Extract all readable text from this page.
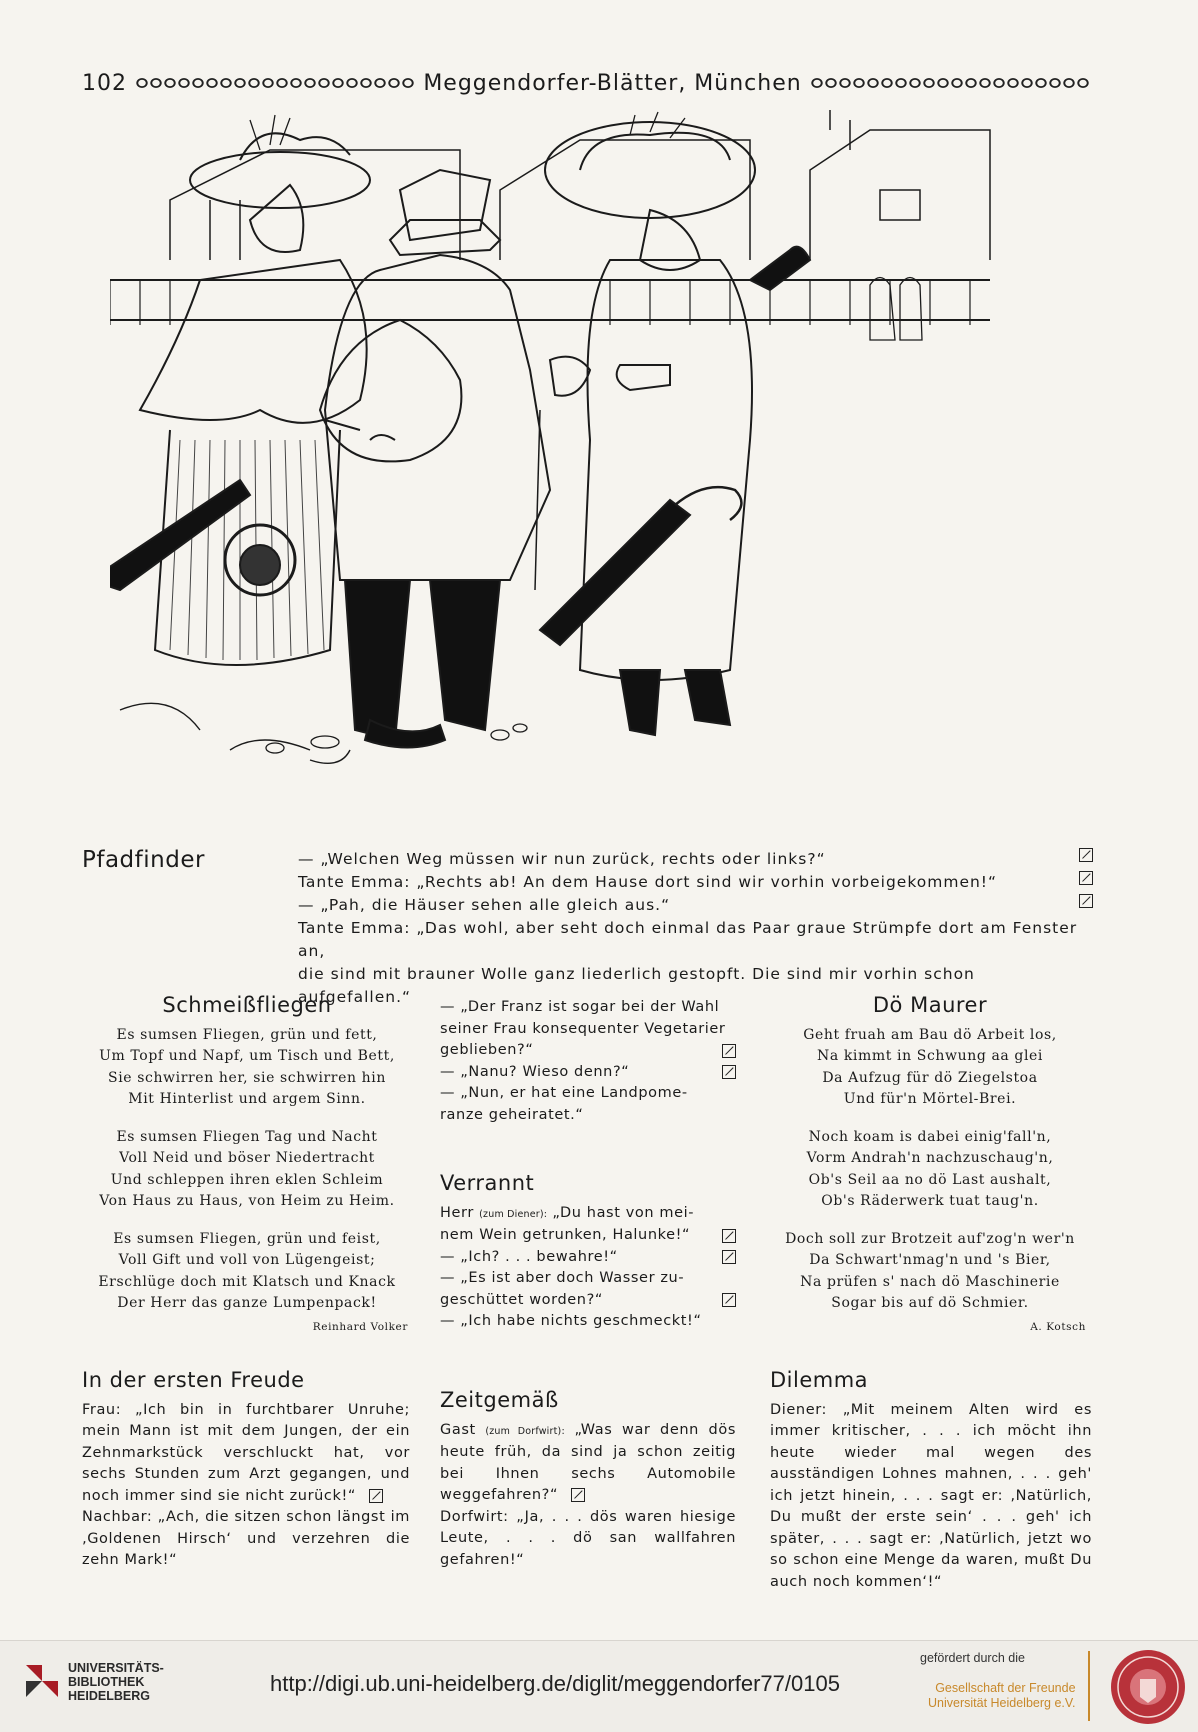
102	Meggendorfer-Blätter, München
Pfadfinder	— „Welchen Weg müssen wir nun zurück, rechts oder links?“
Tante Emma: „Rechts ab! An dem Hause dort sind wir vorhin vorbeigekommen!“
— „Pah, die Häuser sehen alle gleich aus.“
Tante Emma: „Das wohl, aber seht doch einmal das Paar graue Strümpfe dort am Fenster an,
die sind mit brauner Wolle ganz liederlich gestopft. Die sind mir vorhin schon aufgefallen.“
Schmeißfliegen
Es sumsen Fliegen, grün und fett,
Um Topf und Napf, um Tisch und Bett,
Sie schwirren her, sie schwirren hin
Mit Hinterlist und argem Sinn.
Es sumsen Fliegen Tag und Nacht
Voll Neid und böser Niedertracht
Und schleppen ihren eklen Schleim
Von Haus zu Haus, von Heim zu Heim.
Es sumsen Fliegen, grün und feist,
Voll Gift und voll von Lügengeist;
Erschlüge doch mit Klatsch und Knack
Der Herr das ganze Lumpenpack!
Reinhard Volker
— „Der Franz ist sogar bei der Wahl
seiner Frau konsequenter Vegetarier
geblieben?“
— „Nanu? Wieso denn?“
— „Nun, er hat eine Landpome-
ranze geheiratet.“
Verrannt
Herr (zum Diener): „Du hast von mei-
nem Wein getrunken, Halunke!“
— „Ich? . . . bewahre!“
— „Es ist aber doch Wasser zu-
geschüttet worden?“
— „Ich habe nichts geschmeckt!“
Dö Maurer
Geht fruah am Bau dö Arbeit los,
Na kimmt in Schwung aa glei
Da Aufzug für dö Ziegelstoa
Und für'n Mörtel-Brei.
Noch koam is dabei einig'fall'n,
Vorm Andrah'n nachzuschaug'n,
Ob's Seil aa no dö Last aushalt,
Ob's Räderwerk tuat taug'n.
Doch soll zur Brotzeit auf'zog'n wer'n
Da Schwart'nmag'n und 's Bier,
Na prüfen s' nach dö Maschinerie
Sogar bis auf dö Schmier.
A. Kotsch
In der ersten Freude
Frau: „Ich bin in furchtbarer Unruhe; mein Mann ist mit dem Jungen, der ein Zehnmarkstück verschluckt hat, vor sechs Stunden zum Arzt gegangen, und noch immer sind sie nicht zurück!“
Nachbar: „Ach, die sitzen schon längst im ‚Goldenen Hirsch‘ und verzehren die zehn Mark!“
Zeitgemäß
Gast (zum Dorfwirt): „Was war denn dös heute früh, da sind ja schon zeitig bei Ihnen sechs Automobile weggefahren?“
Dorfwirt: „Ja, . . . dös waren hiesige Leute, . . . dö san wallfahren gefahren!“
Dilemma
Diener: „Mit meinem Alten wird es immer kritischer, . . . ich möcht ihn heute wieder mal wegen des ausständigen Lohnes mahnen, . . . geh' ich jetzt hinein, . . . sagt er: ‚Natürlich, Du mußt der erste sein‘ . . . geh' ich später, . . . sagt er: ‚Natürlich, jetzt wo so schon eine Menge da waren, mußt Du auch noch kommen‘!“
UNIVERSITÄTS-
BIBLIOTHEK
HEIDELBERG	http://digi.ub.uni-heidelberg.de/diglit/meggendorfer77/0105
gefördert durch die
Gesellschaft der Freunde
Universität Heidelberg e.V.
